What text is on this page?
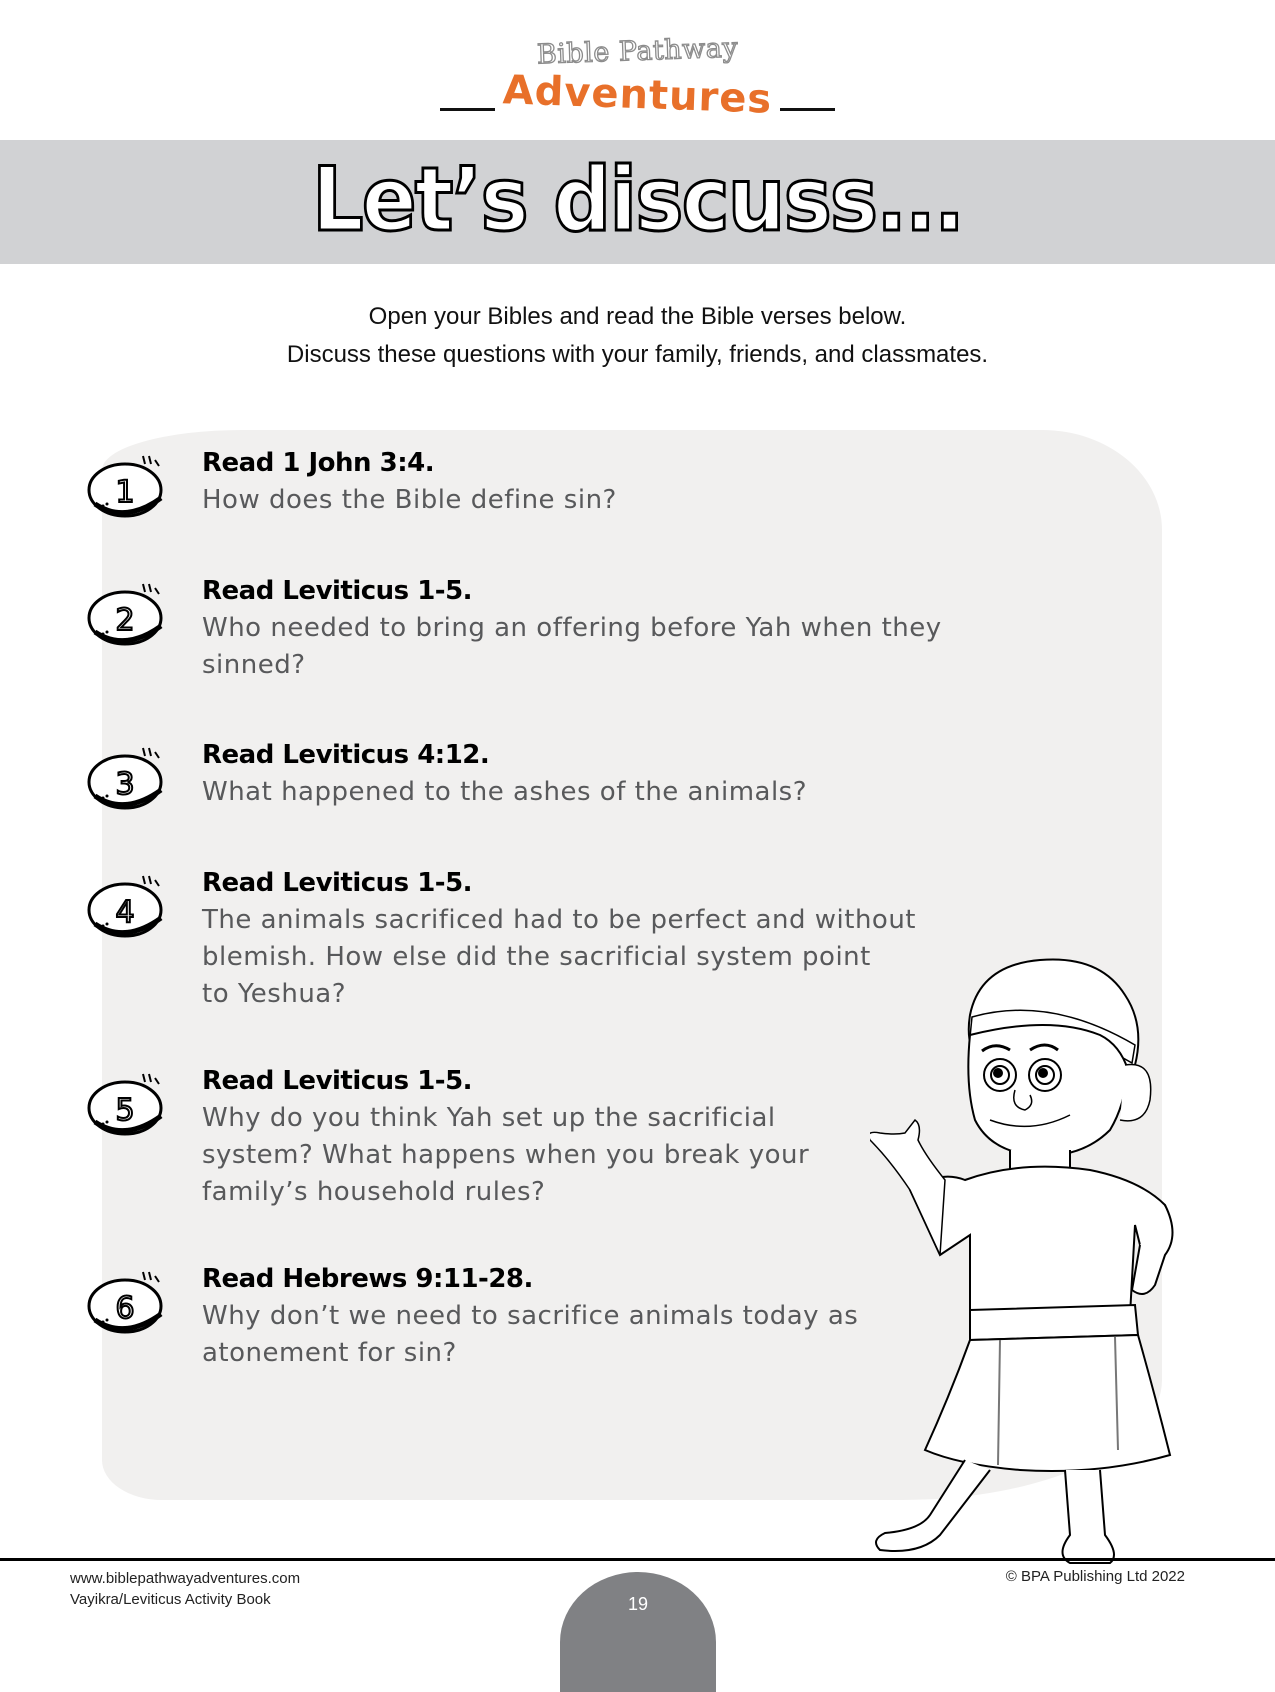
Bible Pathway
Adventures
Let’s discuss...
Open your Bibles and read the Bible verses below.
Discuss these questions with your family, friends, and classmates.
1
Read 1 John 3:4.
How does the Bible define sin?
2
Read Leviticus 1-5.
Who needed to bring an offering before Yah when they
sinned?
3
Read Leviticus 4:12.
What happened to the ashes of the animals?
4
Read Leviticus 1-5.
The animals sacrificed had to be perfect and without
blemish. How else did the sacrificial system point
to Yeshua?
5
Read Leviticus 1-5.
Why do you think Yah set up the sacrificial
system? What happens when you break your
family’s household rules?
6
Read Hebrews 9:11-28.
Why don’t we need to sacrifice animals today as
atonement for sin?
www.biblepathwayadventures.com
Vayikra/Leviticus Activity Book
© BPA Publishing Ltd 2022
19
